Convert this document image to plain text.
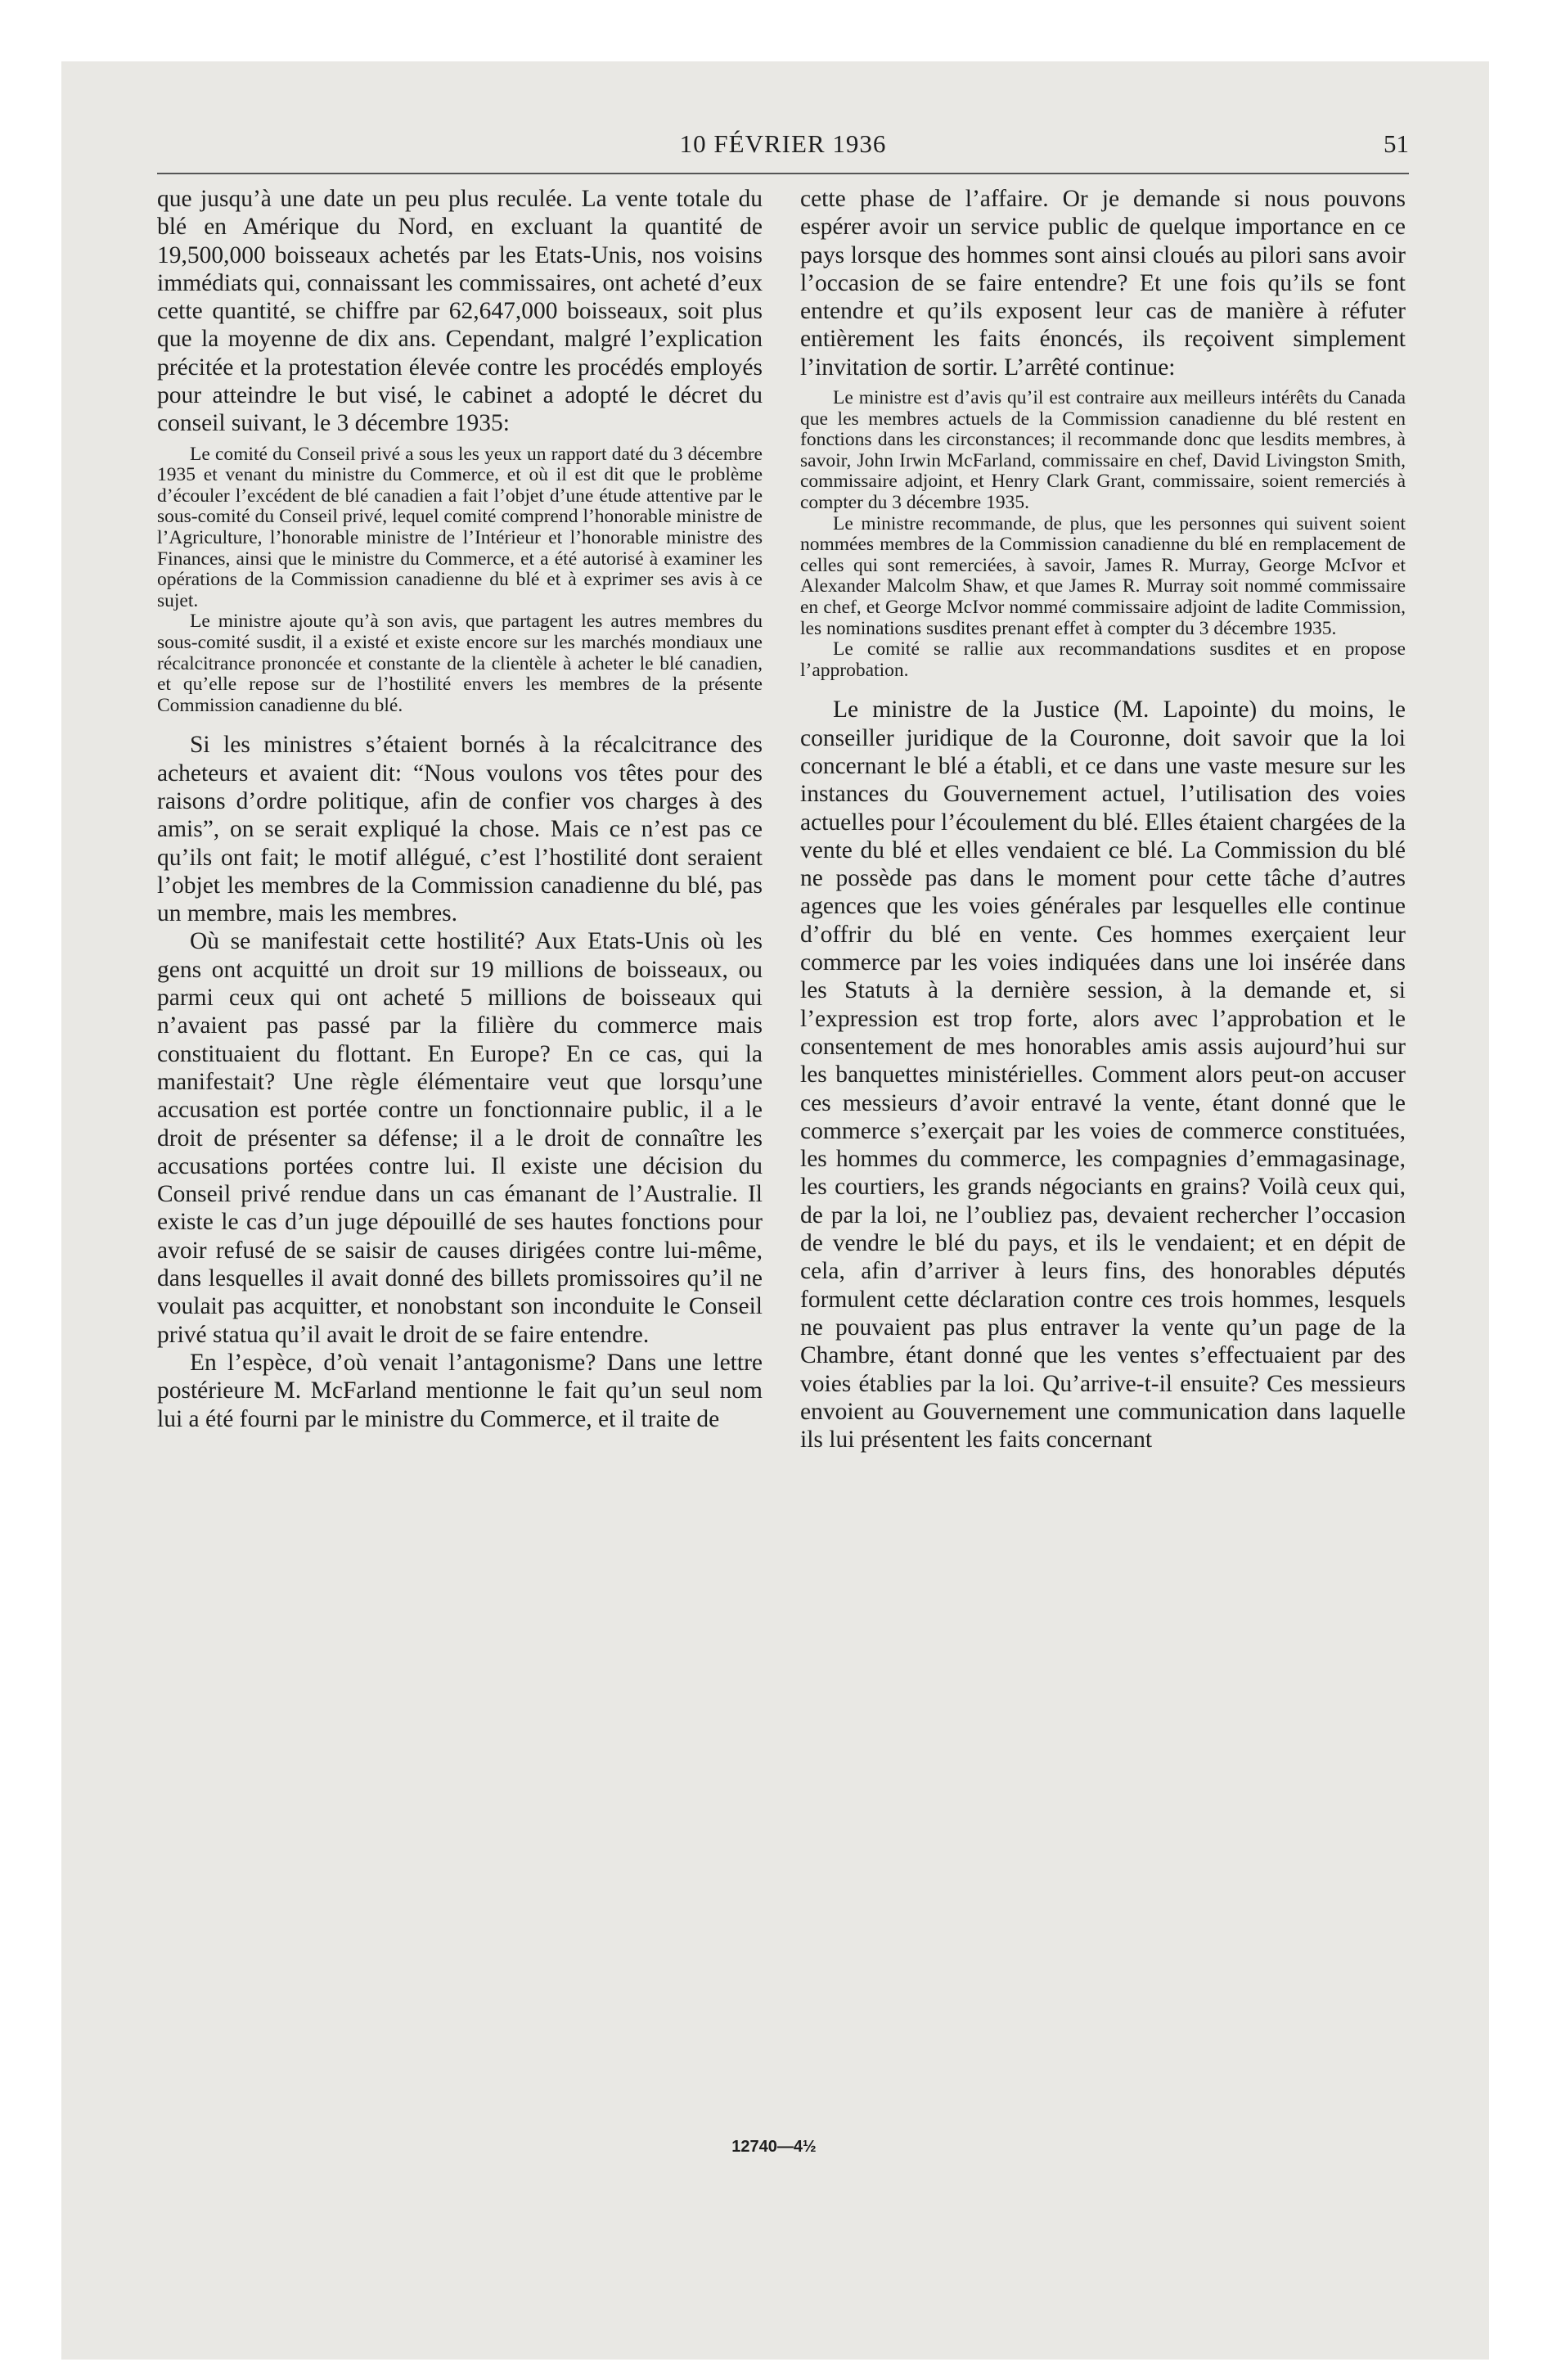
10 FÉVRIER 1936	51

que jusqu’à une date un peu plus reculée. La vente totale du blé en Amérique du Nord, en excluant la quantité de 19,500,000 boisseaux achetés par les Etats-Unis, nos voisins immédiats qui, connaissant les commissaires, ont acheté d’eux cette quantité, se chiffre par 62,647,000 boisseaux, soit plus que la moyenne de dix ans. Cependant, malgré l’explication précitée et la protestation élevée contre les procédés employés pour atteindre le but visé, le cabinet a adopté le décret du conseil suivant, le 3 décembre 1935:

Le comité du Conseil privé a sous les yeux un rapport daté du 3 décembre 1935 et venant du ministre du Commerce, et où il est dit que le problème d’écouler l’excédent de blé canadien a fait l’objet d’une étude attentive par le sous-comité du Conseil privé, lequel comité comprend l’honorable ministre de l’Agriculture, l’honorable ministre de l’Intérieur et l’honorable ministre des Finances, ainsi que le ministre du Commerce, et a été autorisé à examiner les opérations de la Commission canadienne du blé et à exprimer ses avis à ce sujet.

Le ministre ajoute qu’à son avis, que partagent les autres membres du sous-comité susdit, il a existé et existe encore sur les marchés mondiaux une récalcitrance prononcée et constante de la clientèle à acheter le blé canadien, et qu’elle repose sur de l’hostilité envers les membres de la présente Commission canadienne du blé.

Si les ministres s’étaient bornés à la récalcitrance des acheteurs et avaient dit: “Nous voulons vos têtes pour des raisons d’ordre politique, afin de confier vos charges à des amis”, on se serait expliqué la chose. Mais ce n’est pas ce qu’ils ont fait; le motif allégué, c’est l’hostilité dont seraient l’objet les membres de la Commission canadienne du blé, pas un membre, mais les membres.

Où se manifestait cette hostilité? Aux Etats-Unis où les gens ont acquitté un droit sur 19 millions de boisseaux, ou parmi ceux qui ont acheté 5 millions de boisseaux qui n’avaient pas passé par la filière du commerce mais constituaient du flottant. En Europe? En ce cas, qui la manifestait? Une règle élémentaire veut que lorsqu’une accusation est portée contre un fonctionnaire public, il a le droit de présenter sa défense; il a le droit de connaître les accusations portées contre lui. Il existe une décision du Conseil privé rendue dans un cas émanant de l’Australie. Il existe le cas d’un juge dépouillé de ses hautes fonctions pour avoir refusé de se saisir de causes dirigées contre lui-même, dans lesquelles il avait donné des billets promissoires qu’il ne voulait pas acquitter, et nonobstant son inconduite le Conseil privé statua qu’il avait le droit de se faire entendre.

En l’espèce, d’où venait l’antagonisme? Dans une lettre postérieure M. McFarland mentionne le fait qu’un seul nom lui a été fourni par le ministre du Commerce, et il traite de

cette phase de l’affaire. Or je demande si nous pouvons espérer avoir un service public de quelque importance en ce pays lorsque des hommes sont ainsi cloués au pilori sans avoir l’occasion de se faire entendre? Et une fois qu’ils se font entendre et qu’ils exposent leur cas de manière à réfuter entièrement les faits énoncés, ils reçoivent simplement l’invitation de sortir. L’arrêté continue:

Le ministre est d’avis qu’il est contraire aux meilleurs intérêts du Canada que les membres actuels de la Commission canadienne du blé restent en fonctions dans les circonstances; il recommande donc que lesdits membres, à savoir, John Irwin McFarland, commissaire en chef, David Livingston Smith, commissaire adjoint, et Henry Clark Grant, commissaire, soient remerciés à compter du 3 décembre 1935.

Le ministre recommande, de plus, que les personnes qui suivent soient nommées membres de la Commission canadienne du blé en remplacement de celles qui sont remerciées, à savoir, James R. Murray, George McIvor et Alexander Malcolm Shaw, et que James R. Murray soit nommé commissaire en chef, et George McIvor nommé commissaire adjoint de ladite Commission, les nominations susdites prenant effet à compter du 3 décembre 1935.

Le comité se rallie aux recommandations susdites et en propose l’approbation.

Le ministre de la Justice (M. Lapointe) du moins, le conseiller juridique de la Couronne, doit savoir que la loi concernant le blé a établi, et ce dans une vaste mesure sur les instances du Gouvernement actuel, l’utilisation des voies actuelles pour l’écoulement du blé. Elles étaient chargées de la vente du blé et elles vendaient ce blé. La Commission du blé ne possède pas dans le moment pour cette tâche d’autres agences que les voies générales par lesquelles elle continue d’offrir du blé en vente. Ces hommes exerçaient leur commerce par les voies indiquées dans une loi insérée dans les Statuts à la dernière session, à la demande et, si l’expression est trop forte, alors avec l’approbation et le consentement de mes honorables amis assis aujourd’hui sur les banquettes ministérielles. Comment alors peut-on accuser ces messieurs d’avoir entravé la vente, étant donné que le commerce s’exerçait par les voies de commerce constituées, les hommes du commerce, les compagnies d’emmagasinage, les courtiers, les grands négociants en grains? Voilà ceux qui, de par la loi, ne l’oubliez pas, devaient rechercher l’occasion de vendre le blé du pays, et ils le vendaient; et en dépit de cela, afin d’arriver à leurs fins, des honorables députés formulent cette déclaration contre ces trois hommes, lesquels ne pouvaient pas plus entraver la vente qu’un page de la Chambre, étant donné que les ventes s’effectuaient par des voies établies par la loi. Qu’arrive-t-il ensuite? Ces messieurs envoient au Gouvernement une communication dans laquelle ils lui présentent les faits concernant

12740—4½
